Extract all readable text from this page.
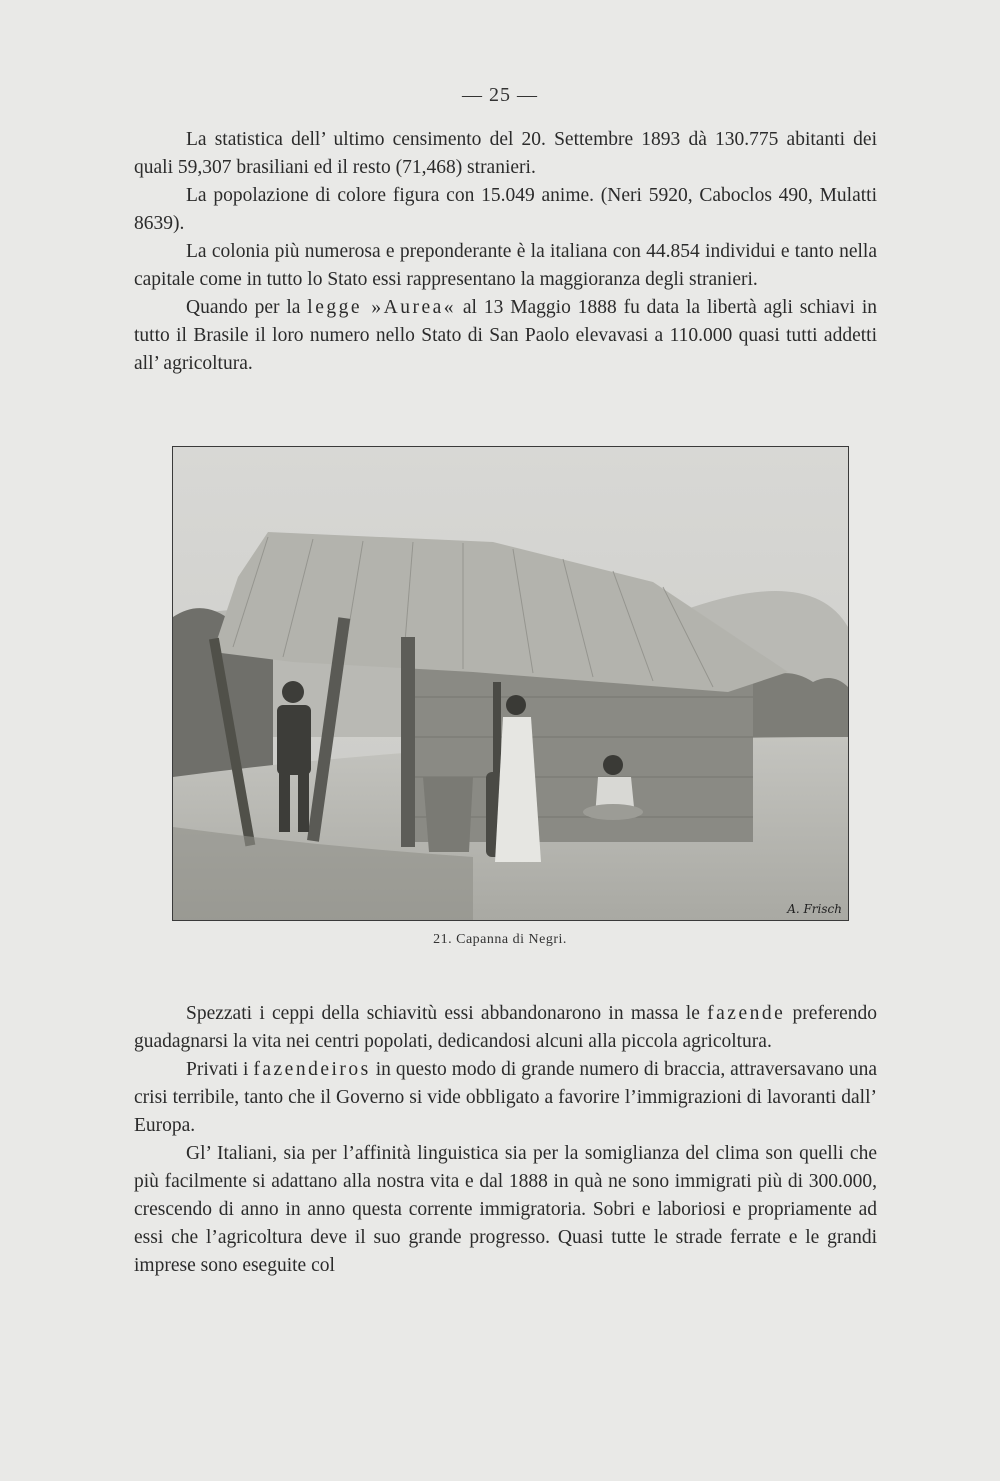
— 25 —

La statistica dell’ ultimo censimento del 20. Settembre 1893 dà 130.775 abitanti dei quali 59,307 brasiliani ed il resto (71,468) stranieri.

La popolazione di colore figura con 15.049 anime. (Neri 5920, Caboclos 490, Mulatti 8639).

La colonia più numerosa e preponderante è la italiana con 44.854 individui e tanto nella capitale come in tutto lo Stato essi rappresentano la maggioranza degli stranieri.

Quando per la legge »Aurea« al 13 Maggio 1888 fu data la libertà agli schiavi in tutto il Brasile il loro numero nello Stato di San Paolo elevavasi a 110.000 quasi tutti addetti all’ agricoltura.

A. Frisch
21. Capanna di Negri.

Spezzati i ceppi della schiavitù essi abbandonarono in massa le fazende preferendo guadagnarsi la vita nei centri popolati, dedicandosi alcuni alla piccola agricoltura.

Privati i fazendeiros in questo modo di grande numero di braccia, attraversavano una crisi terribile, tanto che il Governo si vide obbligato a favorire l’immigrazioni di lavoranti dall’ Europa.

Gl’ Italiani, sia per l’affinità linguistica sia per la somiglianza del clima son quelli che più facilmente si adattano alla nostra vita e dal 1888 in quà ne sono immigrati più di 300.000, crescendo di anno in anno questa corrente immigratoria. Sobri e laboriosi e propriamente ad essi che l’agricoltura deve il suo grande progresso. Quasi tutte le strade ferrate e le grandi imprese sono eseguite col
